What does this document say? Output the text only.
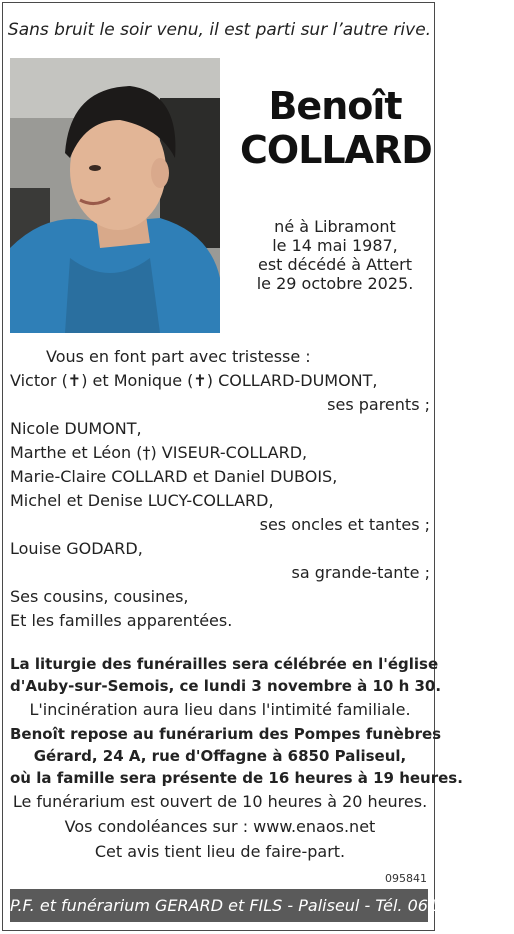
Sans bruit le soir venu, il est parti sur l’autre rive.
Benoît
COLLARD
né à Libramont
le 14 mai 1987,
est décédé à Attert
le 29 octobre 2025.
Vous en font part avec tristesse :
Victor (✝) et Monique (✝) COLLARD-DUMONT,
ses parents ;
Nicole DUMONT,
Marthe et Léon (†) VISEUR-COLLARD,
Marie-Claire COLLARD et Daniel DUBOIS,
Michel et Denise LUCY-COLLARD,
ses oncles et tantes ;
Louise GODARD,
sa grande-tante ;
Ses cousins, cousines,
Et les familles apparentées.
La liturgie des funérailles sera célébrée en l'église
d'Auby-sur-Semois, ce lundi 3 novembre à 10 h 30.
L'incinération aura lieu dans l'intimité familiale.
Benoît repose au funérarium des Pompes funèbres
Gérard, 24 A, rue d'Offagne à 6850 Paliseul,
où la famille sera présente de 16 heures à 19 heures.
Le funérarium est ouvert de 10 heures à 20 heures.
Vos condoléances sur : www.enaos.net
Cet avis tient lieu de faire-part.
095841
P.F. et funérarium GERARD et FILS - Paliseul - Tél. 061 53 32 84
